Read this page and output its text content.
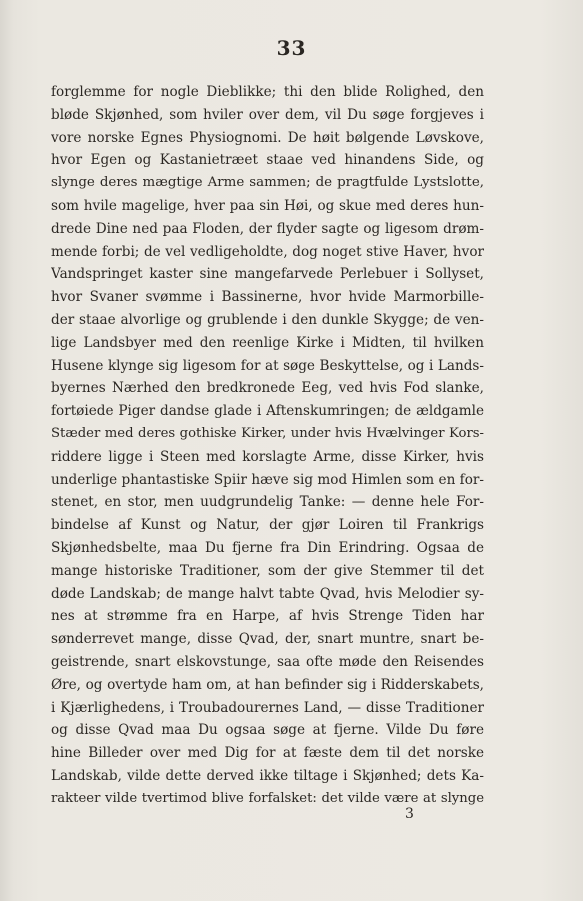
33
forglemme for nogle Dieblikke; thi den blide Rolighed, den
bløde Skjønhed, som hviler over dem, vil Du søge forgjeves i
vore norske Egnes Physiognomi. De høit bølgende Løvskove,
hvor Egen og Kastanietræet staae ved hinandens Side, og
slynge deres mægtige Arme sammen; de pragtfulde Lystslotte,
som hvile magelige, hver paa sin Høi, og skue med deres hun-
drede Dine ned paa Floden, der flyder sagte og ligesom drøm-
mende forbi; de vel vedligeholdte, dog noget stive Haver, hvor
Vandspringet kaster sine mangefarvede Perlebuer i Sollyset,
hvor Svaner svømme i Bassinerne, hvor hvide Marmorbille-
der staae alvorlige og grublende i den dunkle Skygge; de ven-
lige Landsbyer med den reenlige Kirke i Midten, til hvilken
Husene klynge sig ligesom for at søge Beskyttelse, og i Lands-
byernes Nærhed den bredkronede Eeg, ved hvis Fod slanke,
fortøiede Piger dandse glade i Aftenskumringen; de ældgamle
Stæder med deres gothiske Kirker, under hvis Hvælvinger Kors-
riddere ligge i Steen med korslagte Arme, disse Kirker, hvis
underlige phantastiske Spiir hæve sig mod Himlen som en for-
stenet, en stor, men uudgrundelig Tanke: — denne hele For-
bindelse af Kunst og Natur, der gjør Loiren til Frankrigs
Skjønhedsbelte, maa Du fjerne fra Din Erindring. Ogsaa de
mange historiske Traditioner, som der give Stemmer til det
døde Landskab; de mange halvt tabte Qvad, hvis Melodier sy-
nes at strømme fra en Harpe, af hvis Strenge Tiden har
sønderrevet mange, disse Qvad, der, snart muntre, snart be-
geistrende, snart elskovstunge, saa ofte møde den Reisendes
Øre, og overtyde ham om, at han befinder sig i Ridderskabets,
i Kjærlighedens, i Troubadourernes Land, — disse Traditioner
og disse Qvad maa Du ogsaa søge at fjerne. Vilde Du føre
hine Billeder over med Dig for at fæste dem til det norske
Landskab, vilde dette derved ikke tiltage i Skjønhed; dets Ka-
rakteer vilde tvertimod blive forfalsket: det vilde være at slynge
3
